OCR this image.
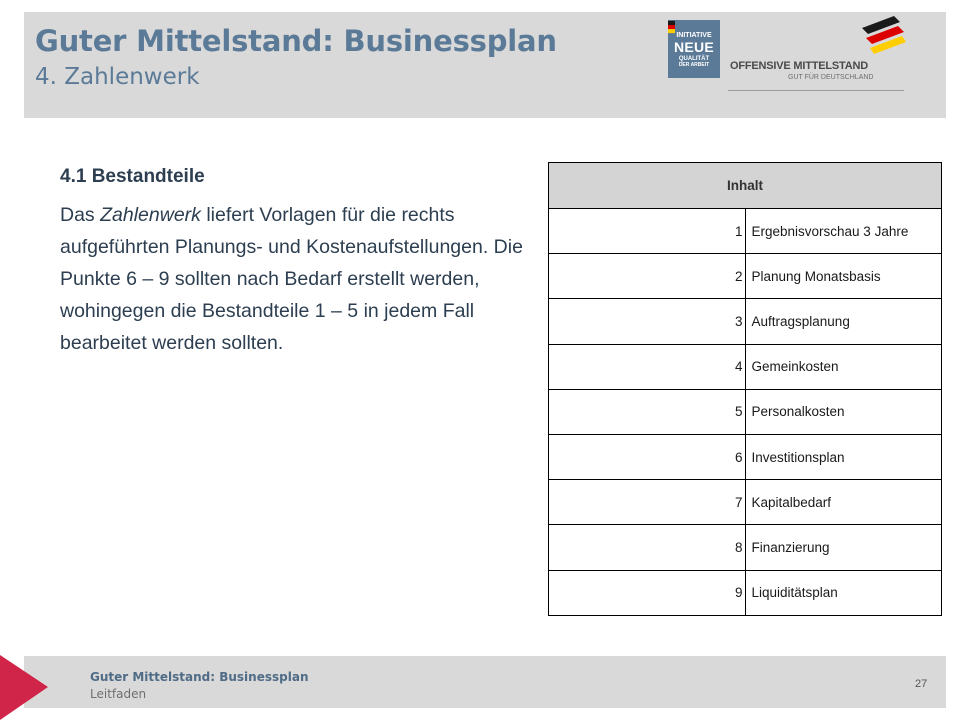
Guter Mittelstand: Businessplan
4. Zahlenwerk
INITIATIVE
NEUE
QUALITÄT
DER ARBEIT	OFFENSIVE MITTELSTAND
GUT FÜR DEUTSCHLAND
4.1 Bestandteile
Das Zahlenwerk liefert Vorlagen für die rechts aufgeführten Planungs- und Kostenaufstellungen. Die Punkte 6 – 9 sollten nach Bedarf erstellt werden, wohingegen die Bestandteile 1 – 5 in jedem Fall bearbeitet werden sollten.
Inhalt	
1	Ergebnisvorschau 3 Jahre
2	Planung Monatsbasis
3	Auftragsplanung
4	Gemeinkosten
5	Personalkosten
6	Investitionsplan
7	Kapitalbedarf
8	Finanzierung
9	Liquiditätsplan
Guter Mittelstand: Businessplan
Leitfaden
27
